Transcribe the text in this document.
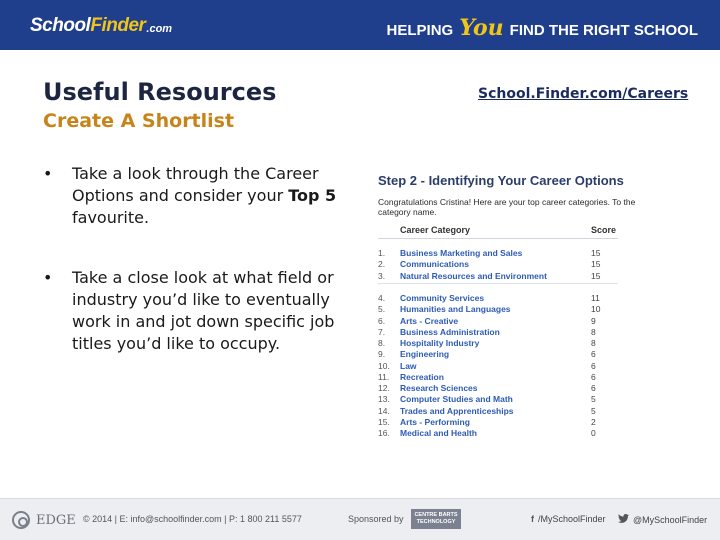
School Finder .com	HELPING You FIND THE RIGHT SCHOOL
Useful Resources
Create A Shortlist
School.Finder.com/Careers
• Take a look through the Career Options and consider your Top 5 favourite.
• Take a close look at what field or industry you’d like to eventually work in and jot down specific job titles you’d like to occupy.
Step 2 - Identifying Your Career Options
Congratulations Cristina! Here are your top career categories. To the category name.
Career Category	Score
1. Business Marketing and Sales	15
2. Communications	15
3. Natural Resources and Environment	15
4. Community Services	11
5. Humanities and Languages	10
6. Arts - Creative	9
7. Business Administration	8
8. Hospitality Industry	8
9. Engineering	6
10. Law	6
11. Recreation	6
12. Research Sciences	6
13. Computer Studies and Math	5
14. Trades and Apprenticeships	5
15. Arts - Performing	2
16. Medical and Health	0
EDGE © 2014 | E: info@schoolfinder.com | P: 1 800 211 5577	Sponsored by	CENTRE BARTS TECHNOLOGY	f /MySchoolFinder	@MySchoolFinder
